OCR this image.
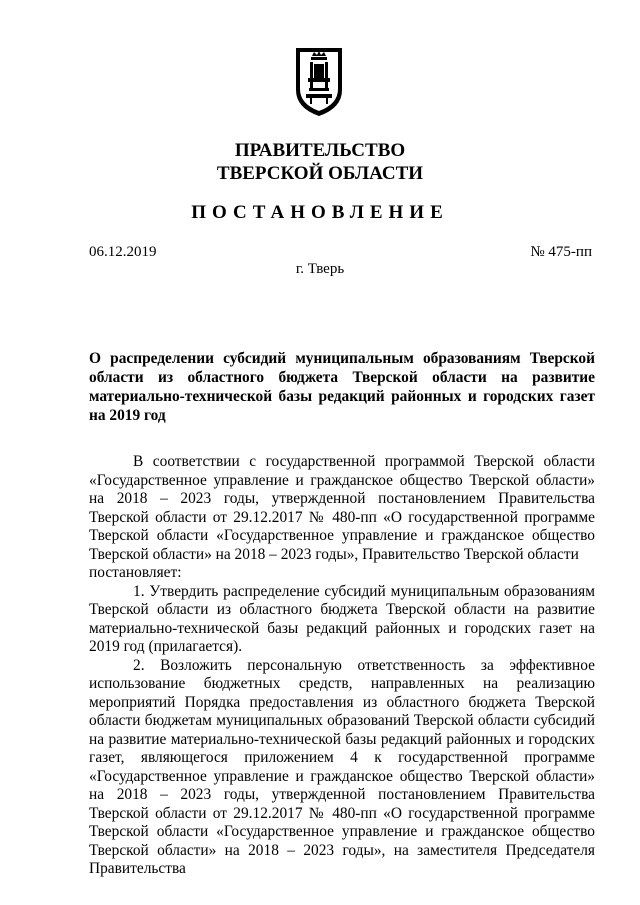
ПРАВИТЕЛЬСТВО
ТВЕРСКОЙ ОБЛАСТИ
ПОСТАНОВЛЕНИЕ
06.12.2019	№ 475-пп
г. Тверь

О распределении субсидий муниципальным образованиям Тверской области из областного бюджета Тверской области на развитие материально-технической базы редакций районных и городских газет на 2019 год

В соответствии с государственной программой Тверской области «Государственное управление и гражданское общество Тверской области» на 2018 – 2023 годы, утвержденной постановлением Правительства Тверской области от 29.12.2017 № 480-пп «О государственной программе Тверской области «Государственное управление и гражданское общество Тверской области» на 2018 – 2023 годы», Правительство Тверской области

постановляет:

1. Утвердить распределение субсидий муниципальным образованиям Тверской области из областного бюджета Тверской области на развитие материально-технической базы редакций районных и городских газет на 2019 год (прилагается).

2. Возложить персональную ответственность за эффективное использование бюджетных средств, направленных на реализацию мероприятий Порядка предоставления из областного бюджета Тверской области бюджетам муниципальных образований Тверской области субсидий на развитие материально-технической базы редакций районных и городских газет, являющегося приложением 4 к государственной программе «Государственное управление и гражданское общество Тверской области» на 2018 – 2023 годы, утвержденной постановлением Правительства Тверской области от 29.12.2017 № 480-пп «О государственной программе Тверской области «Государственное управление и гражданское общество Тверской области» на 2018 – 2023 годы», на заместителя Председателя Правительства
